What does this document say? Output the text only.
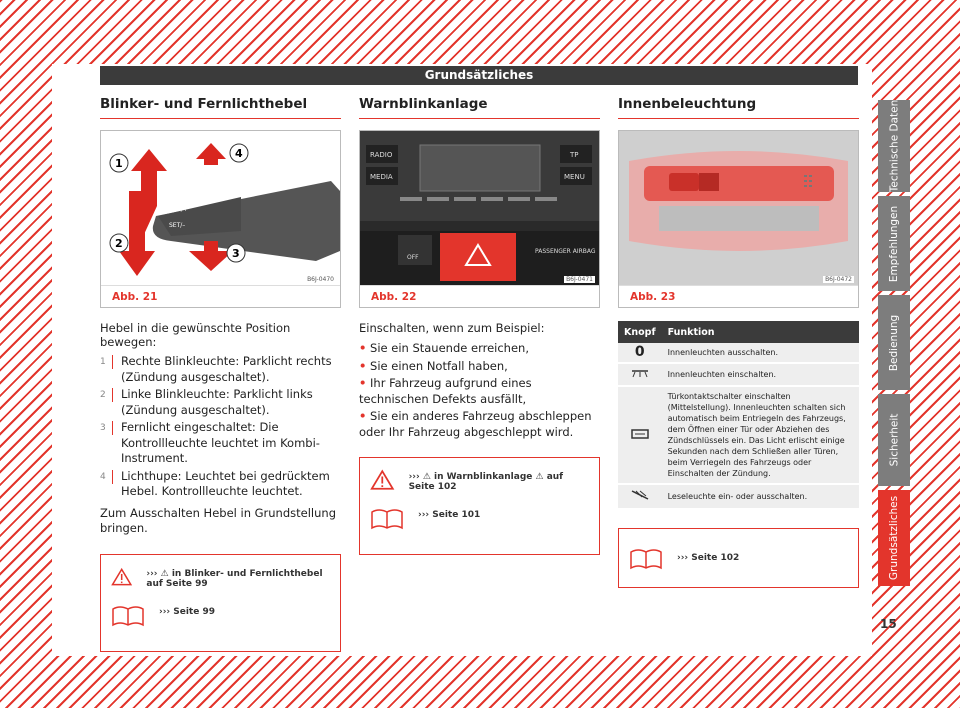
Grundsätzliches
Blinker- und Fernlichthebel
RES/+
SET/–
ON CANCEL OFF
1
2
3
4
B6J-0470
Abb. 21

Hebel in die gewünschte Position bewegen:

1	Rechte Blinkleuchte: Parklicht rechts (Zündung ausgeschaltet).
2	Linke Blinkleuchte: Parklicht links (Zündung ausgeschaltet).
3	Fernlicht eingeschaltet: Die Kontrollleuchte leuchtet im Kombi-Instrument.
4	Lichthupe: Leuchtet bei gedrücktem Hebel. Kontrollleuchte leuchtet.

Zum Ausschalten Hebel in Grundstellung bringen.

››› ⚠ in Blinker- und Fernlichthebel auf Seite 99
››› Seite 99
Warnblinkanlage
RADIO
MEDIA
TP
MENU
OFF
PASSENGER AIRBAG
B6J-0471
Abb. 22

Einschalten, wenn zum Beispiel:

• Sie ein Stauende erreichen,
• Sie einen Notfall haben,
• Ihr Fahrzeug aufgrund eines technischen Defekts ausfällt,
• Sie ein anderes Fahrzeug abschleppen oder Ihr Fahrzeug abgeschleppt wird.
››› ⚠ in Warnblinkanlage ⚠ auf Seite 102
››› Seite 101
Innenbeleuchtung
B6J-0472
Abb. 23
Knopf	Funktion
0	Innenleuchten ausschalten.
	Innenleuchten einschalten.
	Türkontaktschalter einschalten (Mittelstellung). Innenleuchten schalten sich automatisch beim Entriegeln des Fahrzeugs, dem Öffnen einer Tür oder Abziehen des Zündschlüssels ein. Das Licht erlischt einige Sekunden nach dem Schließen aller Türen, beim Verriegeln des Fahrzeugs oder Einschalten der Zündung.
	Leseleuchte ein- oder ausschalten.
››› Seite 102
Technische Daten
Empfehlungen
Bedienung
Sicherheit
Grundsätzliches
15
